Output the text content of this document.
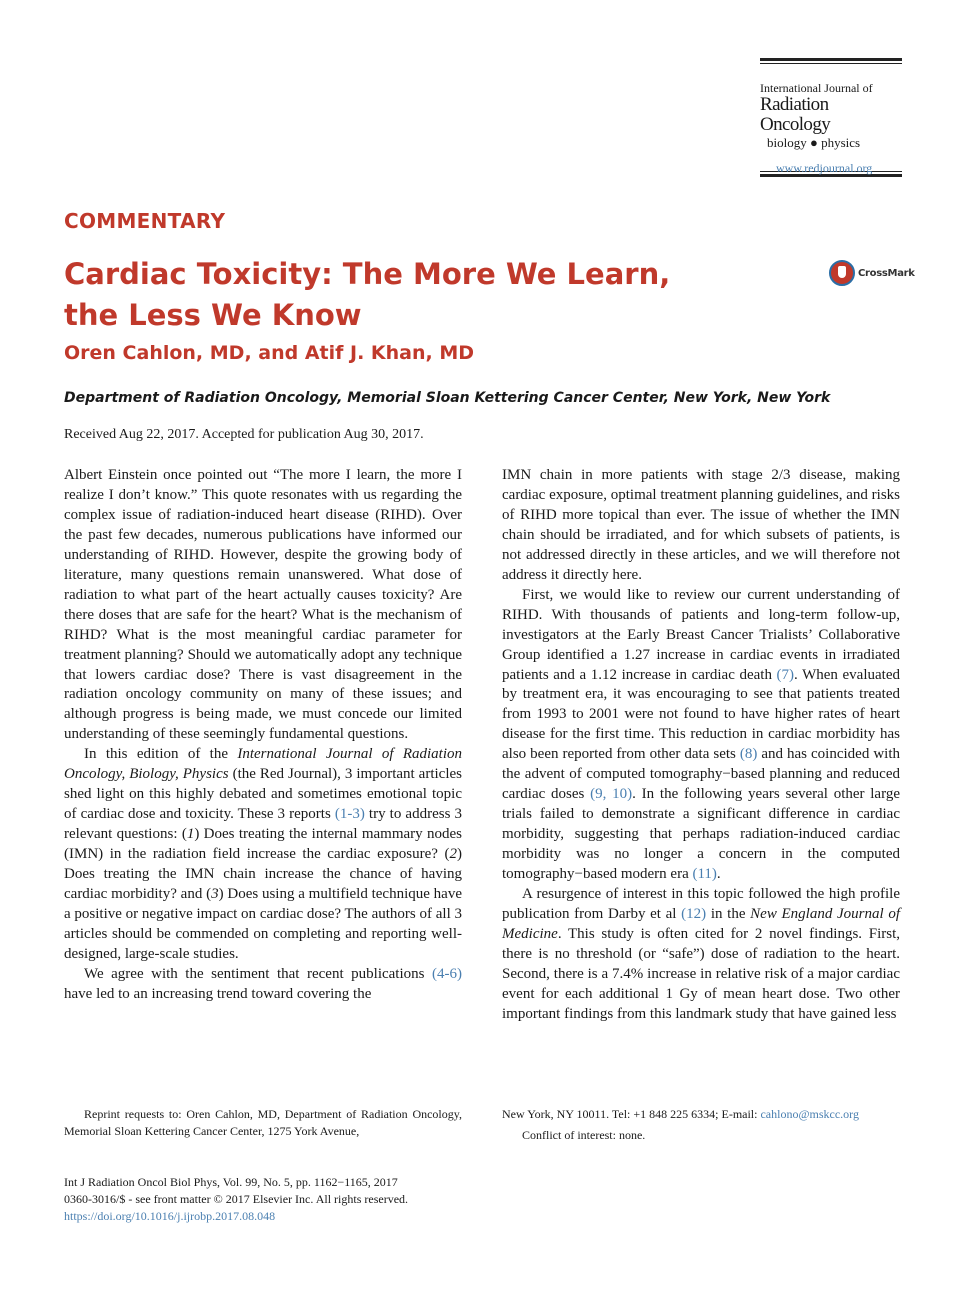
International Journal of
Radiation Oncology
biology ● physics
www.redjournal.org
COMMENTARY
Cardiac Toxicity: The More We Learn,
the Less We Know
CrossMark
Oren Cahlon, MD, and Atif J. Khan, MD
Department of Radiation Oncology, Memorial Sloan Kettering Cancer Center, New York, New York
Received Aug 22, 2017. Accepted for publication Aug 30, 2017.

Albert Einstein once pointed out “The more I learn, the more I realize I don’t know.” This quote resonates with us regarding the complex issue of radiation-induced heart disease (RIHD). Over the past few decades, numerous publications have informed our understanding of RIHD. However, despite the growing body of literature, many questions remain unanswered. What dose of radiation to what part of the heart actually causes toxicity? Are there doses that are safe for the heart? What is the mechanism of RIHD? What is the most meaningful cardiac parameter for treatment planning? Should we automatically adopt any technique that lowers cardiac dose? There is vast disagreement in the radiation oncology community on many of these issues; and although progress is being made, we must concede our limited understanding of these seemingly fundamental questions.

In this edition of the International Journal of Radiation Oncology, Biology, Physics (the Red Journal), 3 important articles shed light on this highly debated and sometimes emotional topic of cardiac dose and toxicity. These 3 reports (1-3) try to address 3 relevant questions: (1) Does treating the internal mammary nodes (IMN) in the radiation field increase the cardiac exposure? (2) Does treating the IMN chain increase the chance of having cardiac morbidity? and (3) Does using a multifield technique have a positive or negative impact on cardiac dose? The authors of all 3 articles should be commended on completing and reporting well-designed, large-scale studies.

We agree with the sentiment that recent publications (4-6) have led to an increasing trend toward covering the

IMN chain in more patients with stage 2/3 disease, making cardiac exposure, optimal treatment planning guidelines, and risks of RIHD more topical than ever. The issue of whether the IMN chain should be irradiated, and for which subsets of patients, is not addressed directly in these articles, and we will therefore not address it directly here.

First, we would like to review our current understanding of RIHD. With thousands of patients and long-term follow-up, investigators at the Early Breast Cancer Trialists’ Collaborative Group identified a 1.27 increase in cardiac events in irradiated patients and a 1.12 increase in cardiac death (7). When evaluated by treatment era, it was encouraging to see that patients treated from 1993 to 2001 were not found to have higher rates of heart disease for the first time. This reduction in cardiac morbidity has also been reported from other data sets (8) and has coincided with the advent of computed tomography−based planning and reduced cardiac doses (9, 10). In the following years several other large trials failed to demonstrate a significant difference in cardiac morbidity, suggesting that perhaps radiation-induced cardiac morbidity was no longer a concern in the computed tomography−based modern era (11).

A resurgence of interest in this topic followed the high profile publication from Darby et al (12) in the New England Journal of Medicine. This study is often cited for 2 novel findings. First, there is no threshold (or “safe”) dose of radiation to the heart. Second, there is a 7.4% increase in relative risk of a major cardiac event for each additional 1 Gy of mean heart dose. Two other important findings from this landmark study that have gained less

Reprint requests to: Oren Cahlon, MD, Department of Radiation Oncology, Memorial Sloan Kettering Cancer Center, 1275 York Avenue,

New York, NY 10011. Tel: +1 848 225 6334; E-mail: cahlono@mskcc.org

Conflict of interest: none.

Int J Radiation Oncol Biol Phys, Vol. 99, No. 5, pp. 1162−1165, 2017
0360-3016/$ - see front matter © 2017 Elsevier Inc. All rights reserved.
https://doi.org/10.1016/j.ijrobp.2017.08.048
